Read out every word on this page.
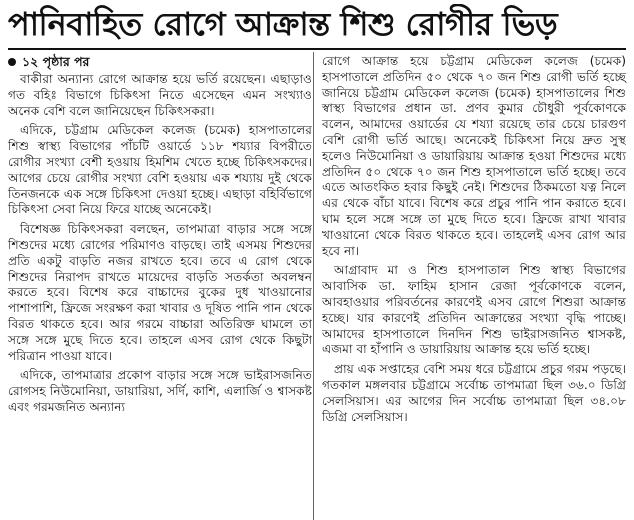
পানিবাহিত রোগে আক্রান্ত শিশু রোগীর ভিড়
১২ পৃষ্ঠার পর

বাকীরা অন্যান্য রোগে আক্রান্ত হয়ে ভর্তি রয়েছেন। এছাড়াও গত বহিঃ বিভাগে চিকিৎসা নিতে এসেছেন এমন সংখ্যাও অনেক বেশি বলে জানিয়েছেন চিকিৎসকরা।

এদিকে, চট্টগ্রাম মেডিকেল কলেজ (চমেক) হাসপাতালের শিশু স্বাস্থ্য বিভাগের পাঁচটি ওয়ার্ডে ১১৮ শয্যার বিপরীতে রোগীর সংখ্যা বেশী হওয়ায় হিমশিম খেতে হচ্ছে চিকিৎসকদের। আগের চেয়ে রোগীর সংখ্যা বেশি হওয়ায় এক শয্যায় দুই থেকে তিনজনকে এক সঙ্গে চিকিৎসা দেওয়া হচ্ছে। এছাড়া বহির্বিভাগে চিকিৎসা সেবা নিয়ে ফিরে যাচ্ছে অনেকেই।

বিশেষজ্ঞ চিকিৎসকরা বলছেন, তাপমাত্রা বাড়ার সঙ্গে সঙ্গে শিশুদের মধ্যে রোগের পরিমাণও বাড়ছে। তাই এসময় শিশুদের প্রতি একটু বাড়তি নজর রাখতে হবে। তবে এ রোগ থেকে শিশুদের নিরাপদ রাখতে মায়েদের বাড়তি সতর্কতা অবলম্বন করতে হবে। বিশেষ করে বাচ্চাদের বুকের দুধ খাওয়ানোর পাশাপাশি, ফ্রিজে সংরক্ষণ করা খাবার ও দূষিত পানি পান থেকে বিরত থাকতে হবে। আর গরমে বাচ্চারা অতিরিক্ত ঘামলে তা সঙ্গে সঙ্গে মুছে দিতে হবে। তাহলে এসব রোগ থেকে কিছুটা পরিত্রান পাওয়া যাবে।

এদিকে, তাপমাত্রার প্রকোপ বাড়ার সঙ্গে সঙ্গে ভাইরাসজনিত রোগসহ নিউমোনিয়া, ডায়ারিয়া, সর্দি, কাশি, এলার্জি ও শ্বাসকষ্ট এবং গরমজনিত অন্যান্য

রোগে আক্রান্ত হয়ে চট্টগ্রাম মেডিকেল কলেজ (চমেক) হাসপাতালে প্রতিদিন ৫০ থেকে ৭০ জন শিশু রোগী ভর্তি হচ্ছে জানিয়ে চট্টগ্রাম মেডিকেল কলেজ (চমেক) হাসপাতালের শিশু স্বাস্থ্য বিভাগের প্রধান ডা. প্রণব কুমার চৌধুরী পূর্বকোণকে বলেন, আমাদের ওয়ার্ডের যে শয্যা রয়েছে তার চেয়ে চারগুণ বেশি রোগী ভর্তি আছে। অনেকেই চিকিৎসা নিয়ে দ্রুত সুস্থ হলেও নিউমোনিয়া ও ডায়ারিয়ায় আক্রান্ত হওয়া শিশুদের মধ্যে প্রতিদিন ৫০ থেকে ৭০ জন শিশু হাসপাতালে ভর্তি হচ্ছে। তবে এতে আতংকিত হবার কিছুই নেই। শিশুদের ঠিকমতো যত্ন নিলে এর থেকে বাঁচা যাবে। বিশেষ করে প্রচুর পানি পান করাতে হবে। ঘাম হলে সঙ্গে সঙ্গে তা মুছে দিতে হবে। ফ্রিজে রাখা খাবার খাওয়ানো থেকে বিরত থাকতে হবে। তাহলেই এসব রোগ আর হবে না।

আগ্রাবাদ মা ও শিশু হাসপাতাল শিশু স্বাস্থ্য বিভাগের আবাসিক ডা. ফাহিম হাসান রেজা পূর্বকোণকে বলেন, আবহাওয়ার পরিবর্তনের কারণেই এসব রোগে শিশুরা আক্রান্ত হচ্ছে। যার কারণেই প্রতিদিন আক্রান্তের সংখ্যা বৃদ্ধি পাচ্ছে। আমাদের হাসপাতালে দিনদিন শিশু ভাইরাসজনিত শ্বাসকষ্ট, এজমা বা হাঁপানি ও ডায়ারিয়ায় আক্রান্ত হয়ে ভর্তি হচ্ছে।

প্রায় এক সপ্তাহের বেশি সময় ধরে চট্টগ্রামে প্রচুর গরম পড়ছে। গতকাল মঙ্গলবার চট্টগ্রামে সর্বোচ্চ তাপমাত্রা ছিল ৩৬.০ ডিগ্রি সেলসিয়াস। এর আগের দিন সর্বোচ্চ তাপমাত্রা ছিল ৩৪.০৮ ডিগ্রি সেলসিয়াস।
